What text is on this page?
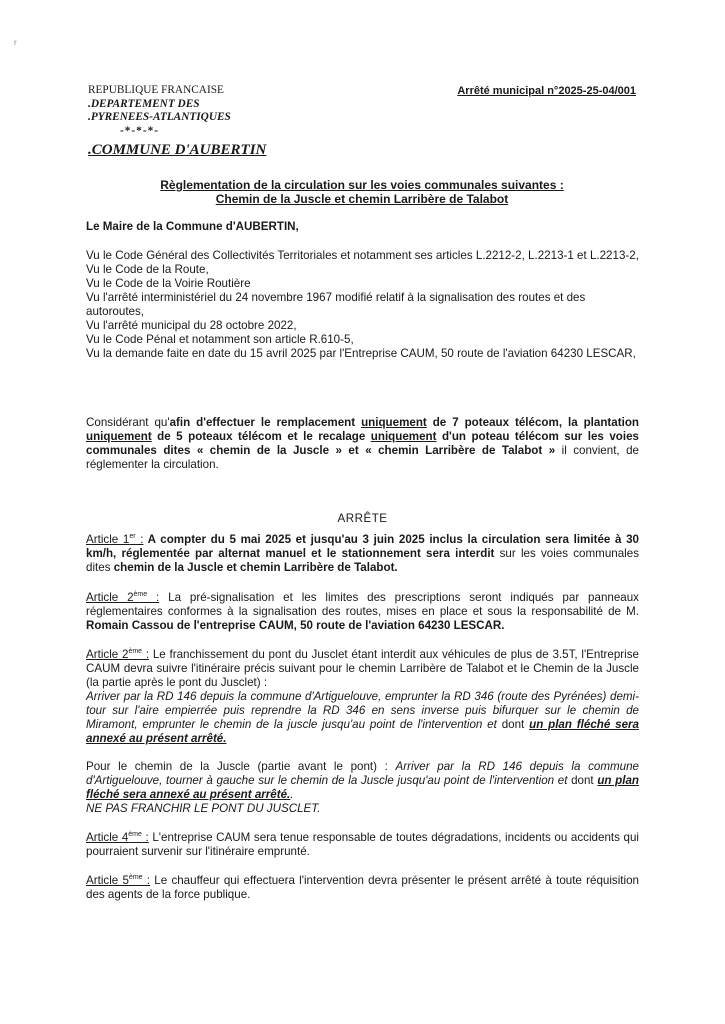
r
REPUBLIQUE FRANCAISE
.DEPARTEMENT DES
.PYRENEES-ATLANTIQUES
-*-*-*-
Arrêté municipal n°2025-25-04/001
.COMMUNE D'AUBERTIN
Règlementation de la circulation sur les voies communales suivantes :
Chemin de la Juscle et chemin Larribère de Talabot
Le Maire de la Commune d'AUBERTIN,

Vu le Code Général des Collectivités Territoriales et notamment ses articles L.2212-2, L.2213-1 et L.2213-2,

Vu le Code de la Route,

Vu le Code de la Voirie Routière

Vu l'arrêté interministériel du 24 novembre 1967 modifié relatif à la signalisation des routes et des autoroutes,

Vu l'arrêté municipal du 28 octobre 2022,

Vu le Code Pénal et notamment son article R.610-5,

Vu la demande faite en date du 15 avril 2025 par l'Entreprise CAUM, 50 route de l'aviation 64230 LESCAR,

Considérant qu'afin d'effectuer le remplacement uniquement de 7 poteaux télécom, la plantation uniquement de 5 poteaux télécom et le recalage uniquement d'un poteau télécom sur les voies communales dites « chemin de la Juscle » et « chemin Larribère de Talabot » il convient, de réglementer la circulation.

ARRÊTE

Article 1er : A compter du 5 mai 2025 et jusqu'au 3 juin 2025 inclus la circulation sera limitée à 30 km/h, réglementée par alternat manuel et le stationnement sera interdit sur les voies communales dites chemin de la Juscle et chemin Larribère de Talabot.

Article 2ème : La pré-signalisation et les limites des prescriptions seront indiqués par panneaux réglementaires conformes à la signalisation des routes, mises en place et sous la responsabilité de M. Romain Cassou de l'entreprise CAUM, 50 route de l'aviation 64230 LESCAR.

Article 2ème : Le franchissement du pont du Jusclet étant interdit aux véhicules de plus de 3.5T, l'Entreprise CAUM devra suivre l'itinéraire précis suivant pour le chemin Larribère de Talabot et le Chemin de la Juscle (la partie après le pont du Jusclet) :

Arriver par la RD 146 depuis la commune d'Artiguelouve, emprunter la RD 346 (route des Pyrénées) demi-tour sur l'aire empierrée puis reprendre la RD 346 en sens inverse puis bifurquer sur le chemin de Miramont, emprunter le chemin de la juscle jusqu'au point de l'intervention et dont un plan fléché sera annexé au présent arrêté.

Pour le chemin de la Juscle (partie avant le pont) : Arriver par la RD 146 depuis la commune d'Artiguelouve, tourner à gauche sur le chemin de la Juscle jusqu'au point de l'intervention et dont un plan fléché sera annexé au présent arrêté..

NE PAS FRANCHIR LE PONT DU JUSCLET.

Article 4ème : L'entreprise CAUM sera tenue responsable de toutes dégradations, incidents ou accidents qui pourraient survenir sur l'itinéraire emprunté.

Article 5ème : Le chauffeur qui effectuera l'intervention devra présenter le présent arrêté à toute réquisition des agents de la force publique.
